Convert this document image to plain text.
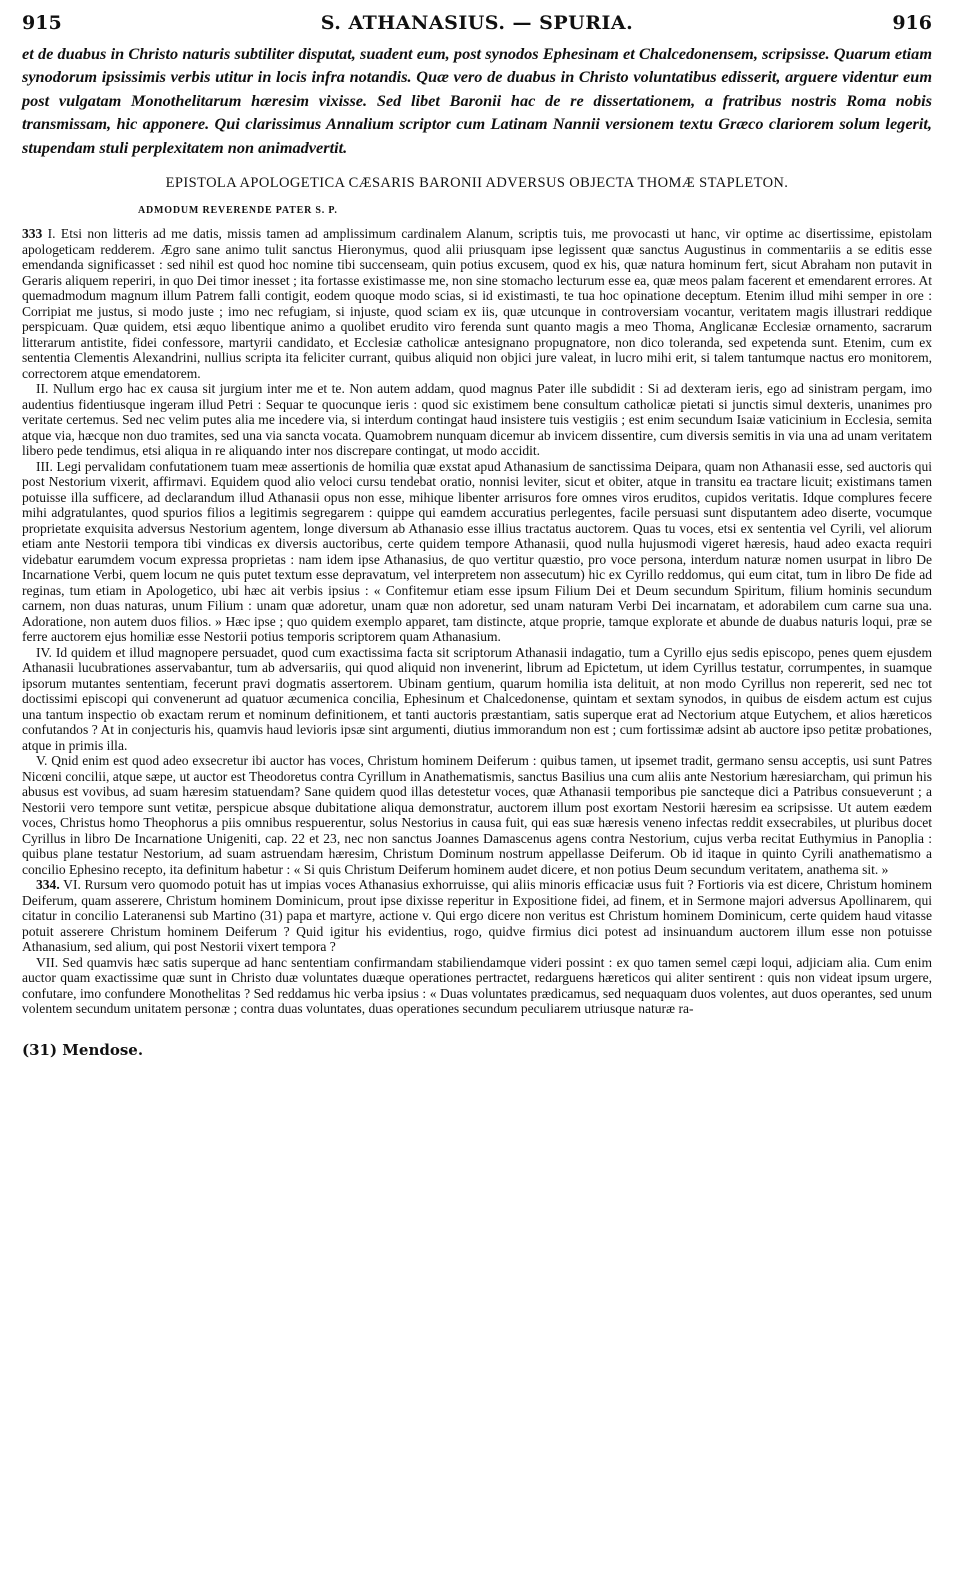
915	S. ATHANASIUS. — SPURIA.	916
et de duabus in Christo naturis subtiliter disputat, suadent eum, post synodos Ephesinam et Chalcedonensem, scripsisse. Quarum etiam synodorum ipsissimis verbis utitur in locis infra notandis. Quæ vero de duabus in Christo voluntatibus edisserit, arguere videntur eum post vulgatam Monothelitarum hæresim vixisse. Sed libet Baronii hac de re dissertationem, a fratribus nostris Roma nobis transmissam, hic apponere. Qui clarissimus Annalium scriptor cum Latinam Nannii versionem textu Græco clariorem solum legerit, stupendam stuli perplexitatem non animadvertit.
EPISTOLA APOLOGETICA CÆSARIS BARONII ADVERSUS OBJECTA THOMÆ STAPLETON.
ADMODUM REVERENDE PATER S. P.

333 I. Etsi non litteris ad me datis, missis tamen ad amplissimum cardinalem Alanum, scriptis tuis, me provocasti ut hanc, vir optime ac disertissime, epistolam apologeticam redderem. Ægro sane animo tulit sanctus Hieronymus, quod alii priusquam ipse legissent quæ sanctus Augustinus in commentariis a se editis esse emendanda significasset : sed nihil est quod hoc nomine tibi succenseam, quin potius excusem, quod ex his, quæ natura hominum fert, sicut Abraham non putavit in Geraris aliquem reperiri, in quo Dei timor inesset ; ita fortasse existimasse me, non sine stomacho lecturum esse ea, quæ meos palam facerent et emendarent errores. At quemadmodum magnum illum Patrem falli contigit, eodem quoque modo scias, si id existimasti, te tua hoc opinatione deceptum. Etenim illud mihi semper in ore : Corripiat me justus, si modo juste ; imo nec refugiam, si injuste, quod sciam ex iis, quæ utcunque in controversiam vocantur, veritatem magis illustrari reddique perspicuam. Quæ quidem, etsi æquo libentique animo a quolibet erudito viro ferenda sunt quanto magis a meo Thoma, Anglicanæ Ecclesiæ ornamento, sacrarum litterarum antistite, fidei confessore, martyrii candidato, et Ecclesiæ catholicæ antesignano propugnatore, non dico toleranda, sed expetenda sunt. Etenim, cum ex sententia Clementis Alexandrini, nullius scripta ita feliciter currant, quibus aliquid non objici jure valeat, in lucro mihi erit, si talem tantumque nactus ero monitorem, correctorem atque emendatorem.

II. Nullum ergo hac ex causa sit jurgium inter me et te. Non autem addam, quod magnus Pater ille subdidit : Si ad dexteram ieris, ego ad sinistram pergam, imo audentius fidentiusque ingeram illud Petri : Sequar te quocunque ieris : quod sic existimem bene consultum catholicæ pietati si junctis simul dexteris, unanimes pro veritate certemus. Sed nec velim putes alia me incedere via, si interdum contingat haud insistere tuis vestigiis ; est enim secundum Isaiæ vaticinium in Ecclesia, semita atque via, hæcque non duo tramites, sed una via sancta vocata. Quamobrem nunquam dicemur ab invicem dissentire, cum diversis semitis in via una ad unam veritatem libero pede tendimus, etsi aliqua in re aliquando inter nos discrepare contingat, ut modo accidit.

III. Legi pervalidam confutationem tuam meæ assertionis de homilia quæ exstat apud Athanasium de sanctissima Deipara, quam non Athanasii esse, sed auctoris qui post Nestorium vixerit, affirmavi. Equidem quod alio veloci cursu tendebat oratio, nonnisi leviter, sicut et obiter, atque in transitu ea tractare licuit; existimans tamen potuisse illa sufficere, ad declarandum illud Athanasii opus non esse, mihique libenter arrisuros fore omnes viros eruditos, cupidos veritatis. Idque complures fecere mihi adgratulantes, quod spurios filios a legitimis segregarem : quippe qui eamdem accuratius perlegentes, facile persuasi sunt disputantem adeo diserte, vocumque proprietate exquisita adversus Nestorium agentem, longe diversum ab Athanasio esse illius tractatus auctorem. Quas tu voces, etsi ex sententia vel Cyrili, vel aliorum etiam ante Nestorii tempora tibi vindicas ex diversis auctoribus, certe quidem tempore Athanasii, quod nulla hujusmodi vigeret hæresis, haud adeo exacta requiri videbatur earumdem vocum expressa proprietas : nam idem ipse Athanasius, de quo vertitur quæstio, pro voce persona, interdum naturæ nomen usurpat in libro De Incarnatione Verbi, quem locum ne quis putet textum esse depravatum, vel interpretem non assecutum) hic ex Cyrillo reddomus, qui eum citat, tum in libro De fide ad reginas, tum etiam in Apologetico, ubi hæc ait verbis ipsius : « Confitemur etiam esse ipsum Filium Dei et Deum secundum Spiritum, filium hominis secundum carnem, non duas naturas, unum Filium : unam quæ adoretur, unam quæ non adoretur, sed unam naturam Verbi Dei incarnatam, et adorabilem cum carne sua una. Adoratione, non autem duos filios. » Hæc ipse ; quo quidem exemplo apparet, tam distincte, atque proprie, tamque explorate et abunde de duabus naturis loqui, præ se ferre auctorem ejus homiliæ esse Nestorii potius temporis scriptorem quam Athanasium.

IV. Id quidem et illud magnopere persuadet, quod cum exactissima facta sit scriptorum Athanasii indagatio, tum a Cyrillo ejus sedis episcopo, penes quem ejusdem Athanasii lucubrationes asservabantur, tum ab adversariis, qui quod aliquid non invenerint, librum ad Epictetum, ut idem Cyrillus testatur, corrumpentes, in suamque ipsorum mutantes sententiam, fecerunt pravi dogmatis assertorem. Ubinam gentium, quarum homilia ista delituit, at non modo Cyrillus non repererit, sed nec tot doctissimi episcopi qui convenerunt ad quatuor æcumenica concilia, Ephesinum et Chalcedonense, quintam et sextam synodos, in quibus de eisdem actum est cujus una tantum inspectio ob exactam rerum et nominum definitionem, et tanti auctoris præstantiam, satis superque erat ad Nectorium atque Eutychem, et alios hæreticos confutandos ? At in conjecturis his, quamvis haud levioris ipsæ sint argumenti, diutius immorandum non est ; cum fortissimæ adsint ab auctore ipso petitæ probationes, atque in primis illa.

V. Qnid enim est quod adeo exsecretur ibi auctor has voces, Christum hominem Deiferum : quibus tamen, ut ipsemet tradit, germano sensu acceptis, usi sunt Patres Nicœni concilii, atque sæpe, ut auctor est Theodoretus contra Cyrillum in Anathematismis, sanctus Basilius una cum aliis ante Nestorium hæresiarcham, qui primun his abusus est vovibus, ad suam hæresim statuendam? Sane quidem quod illas detestetur voces, quæ Athanasii temporibus pie sancteque dici a Patribus consueverunt ; a Nestorii vero tempore sunt vetitæ, perspicue absque dubitatione aliqua demonstratur, auctorem illum post exortam Nestorii hæresim ea scripsisse. Ut autem eædem voces, Christus homo Theophorus a piis omnibus respuerentur, solus Nestorius in causa fuit, qui eas suæ hæresis veneno infectas reddit exsecrabiles, ut pluribus docet Cyrillus in libro De Incarnatione Unigeniti, cap. 22 et 23, nec non sanctus Joannes Damascenus agens contra Nestorium, cujus verba recitat Euthymius in Panoplia : quibus plane testatur Nestorium, ad suam astruendam hæresim, Christum Dominum nostrum appellasse Deiferum. Ob id itaque in quinto Cyrili anathematismo a concilio Ephesino recepto, ita definitum habetur : « Si quis Christum Deiferum hominem audet dicere, et non potius Deum secundum veritatem, anathema sit. »

334. VI. Rursum vero quomodo potuit has ut impias voces Athanasius exhorruisse, qui aliis minoris efficaciæ usus fuit ? Fortioris via est dicere, Christum hominem Deiferum, quam asserere, Christum hominem Dominicum, prout ipse dixisse reperitur in Expositione fidei, ad finem, et in Sermone majori adversus Apollinarem, qui citatur in concilio Lateranensi sub Martino (31) papa et martyre, actione v. Qui ergo dicere non veritus est Christum hominem Dominicum, certe quidem haud vitasse potuit asserere Christum hominem Deiferum ? Quid igitur his evidentius, rogo, quidve firmius dici potest ad insinuandum auctorem illum esse non potuisse Athanasium, sed alium, qui post Nestorii vixert tempora ?

VII. Sed quamvis hæc satis superque ad hanc sententiam confirmandam stabiliendamque videri possint : ex quo tamen semel cæpi loqui, adjiciam alia. Cum enim auctor quam exactissime quæ sunt in Christo duæ voluntates duæque operationes pertractet, redarguens hæreticos qui aliter sentirent : quis non videat ipsum urgere, confutare, imo confundere Monothelitas ? Sed reddamus hic verba ipsius : « Duas voluntates prædicamus, sed nequaquam duos volentes, aut duos operantes, sed unum volentem secundum unitatem personæ ; contra duas voluntates, duas operationes secundum peculiarem utriusque naturæ ra-

(31) Mendose.
